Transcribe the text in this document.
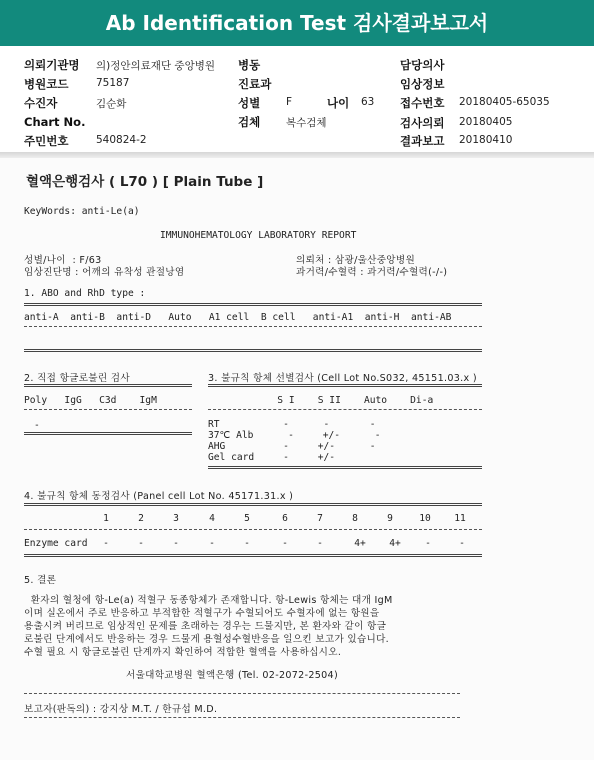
Ab Identification Test 검사결과보고서
의뢰기관명 의)정안의료재단 중앙병원 병동	담당의사
병원코드	75187	진료과	임상정보
수진자	김순화	성별 F	나이 63 접수번호 20180405-65035
Chart No.	검체 복수검체	검사의뢰 20180405
주민번호	540824-2	결과보고 20180410
혈액은행검사 ( L70 ) [ Plain Tube ]
KeyWords: anti-Le(a)
IMMUNOHEMATOLOGY LABORATORY REPORT
성별/나이  : F/63
임상진단명 : 어깨의 유착성 관절낭염
의뢰처 : 삼광/울산중앙병원
과거력/수혈력 : 과거력/수혈력(-/-)
1. ABO and RhD type :
anti-A  anti-B  anti-D   Auto   A1 cell  B cell   anti-A1  anti-H  anti-AB
2. 직접 항글로불린 검사
Poly   IgG   C3d    IgM
-
3. 불규칙 항체 선별검사 (Cell Lot No.S032, 45151.03.x )
S I    S II    Auto    Di-a
RT           -      -       -
37℃ Alb      -     +/-      -
AHG          -     +/-      -
Gel card     -     +/-
4. 불규칙 항체 동정검사 (Panel cell Lot No. 45171.31.x )
1	2	3	4	5	6	7	8	9	10	11
Enzyme card	-	-	-	-	-	-	-	4+	4+	-	-
5. 결론
환자의 혈청에 항-Le(a) 적혈구 동종항체가 존재합니다. 항-Lewis 항체는 대개 IgM
이며 실온에서 주로 반응하고 부적합한 적혈구가 수혈되어도 수혈자에 없는 항원을
용출시켜 버리므로 임상적인 문제를 초래하는 경우는 드물지만, 본 환자와 같이 항글
로불린 단계에서도 반응하는 경우 드물게 용혈성수혈반응을 일으킨 보고가 있습니다.
수혈 필요 시 항글로불린 단계까지 확인하여 적합한 혈액을 사용하십시오.
서울대학교병원 혈액은행 (Tel. 02-2072-2504)
보고자(판독의) : 강지상 M.T. / 한규섭 M.D.
